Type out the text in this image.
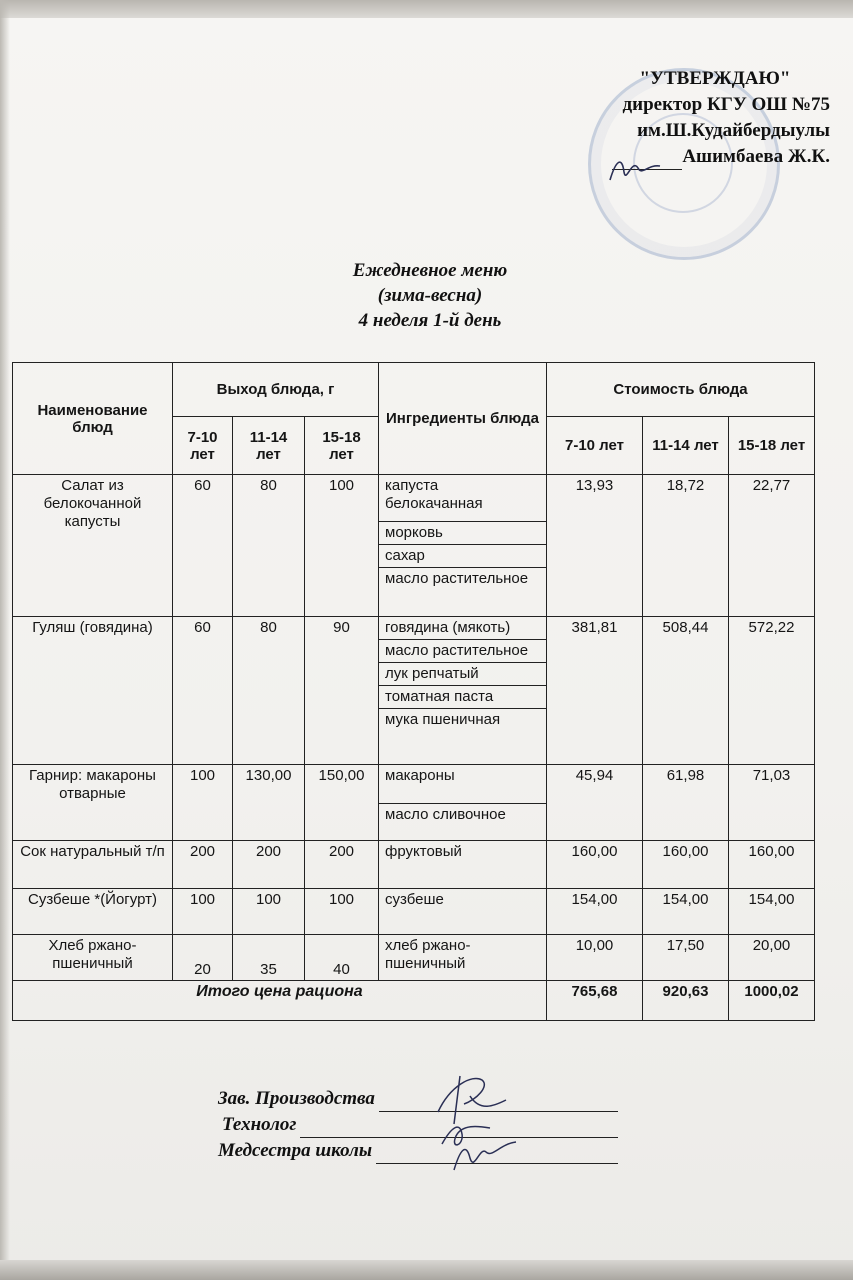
"УТВЕРЖДАЮ"
директор КГУ ОШ №75
им.Ш.Кудайбердыулы
Ашимбаева Ж.К.
Ежедневное меню
(зима-весна)
4 неделя 1-й день
Наименование блюд	Выход блюда, г			Ингредиенты блюда	Стоимость блюда		
	7-10 лет	11-14 лет	15-18 лет		7-10 лет	11-14 лет	15-18 лет
Салат из белокочанной капусты	60	80	100	капуста белокачанная
морковь
сахар
масло растительное	13,93	18,72	22,77
Гуляш (говядина)	60	80	90	говядина (мякоть)
масло растительное
лук репчатый
томатная паста
мука пшеничная	381,81	508,44	572,22
Гарнир: макароны отварные	100	130,00	150,00	макароны
масло сливочное	45,94	61,98	71,03
Сок натуральный т/п	200	200	200	фруктовый	160,00	160,00	160,00
Сузбеше *(Йогурт)	100	100	100	сузбеше	154,00	154,00	154,00
Хлеб ржано-пшеничный	20	35	40	хлеб ржано-пшеничный	10,00	17,50	20,00
Итого цена рациона					765,68	920,63	1000,02
Зав. Производства
Технолог
Медсестра школы
